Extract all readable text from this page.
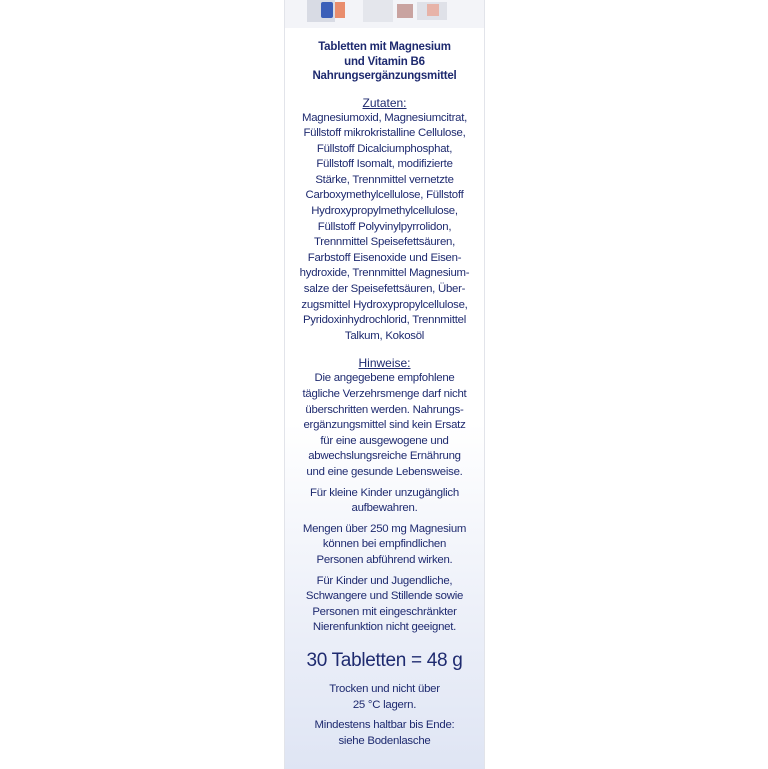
Tabletten mit Magnesium
und Vitamin B6
Nahrungsergänzungsmittel
Zutaten:
Magnesiumoxid, Magnesiumcitrat,
Füllstoff mikrokristalline Cellulose,
Füllstoff Dicalciumphosphat,
Füllstoff Isomalt, modifizierte
Stärke, Trennmittel vernetzte
Carboxymethylcellulose, Füllstoff
Hydroxypropylmethylcellulose,
Füllstoff Polyvinylpyrrolidon,
Trennmittel Speisefettsäuren,
Farbstoff Eisenoxide und Eisen-
hydroxide, Trennmittel Magnesium-
salze der Speisefettsäuren, Über-
zugsmittel Hydroxypropylcellulose,
Pyridoxinhydrochlorid, Trennmittel
Talkum, Kokosöl
Hinweise:
Die angegebene empfohlene
tägliche Verzehrsmenge darf nicht
überschritten werden. Nahrungs-
ergänzungsmittel sind kein Ersatz
für eine ausgewogene und
abwechslungsreiche Ernährung
und eine gesunde Lebensweise.
Für kleine Kinder unzugänglich
aufbewahren.
Mengen über 250 mg Magnesium
können bei empfindlichen
Personen abführend wirken.
Für Kinder und Jugendliche,
Schwangere und Stillende sowie
Personen mit eingeschränkter
Nierenfunktion nicht geeignet.
30 Tabletten = 48 g
Trocken und nicht über
25 °C lagern.
Mindestens haltbar bis Ende:
siehe Bodenlasche
